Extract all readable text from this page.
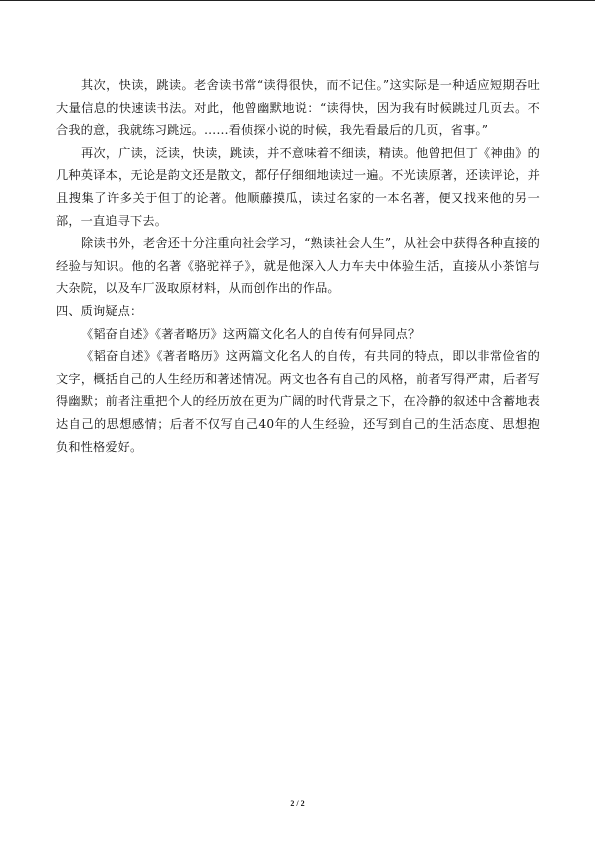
其次，快读，跳读。老舍读书常“读得很快，而不记住。”这实际是一种适应短期吞吐大量信息的快速读书法。对此，他曾幽默地说：“读得快，因为我有时候跳过几页去。不合我的意，我就练习跳远。……看侦探小说的时候，我先看最后的几页，省事。”

再次，广读，泛读，快读，跳读，并不意味着不细读，精读。他曾把但丁《神曲》的几种英译本，无论是韵文还是散文，都仔仔细细地读过一遍。不光读原著，还读评论，并且搜集了许多关于但丁的论著。他顺藤摸瓜，读过名家的一本名著，便又找来他的另一部，一直追寻下去。

除读书外，老舍还十分注重向社会学习，“熟读社会人生”，从社会中获得各种直接的经验与知识。他的名著《骆驼祥子》，就是他深入人力车夫中体验生活，直接从小茶馆与大杂院，以及车厂汲取原材料，从而创作出的作品。

四、质询疑点：

《韬奋自述》《著者略历》这两篇文化名人的自传有何异同点？

《韬奋自述》《著者略历》这两篇文化名人的自传，有共同的特点，即以非常俭省的文字，概括自己的人生经历和著述情况。两文也各有自己的风格，前者写得严肃，后者写得幽默；前者注重把个人的经历放在更为广阔的时代背景之下，在冷静的叙述中含蓄地表达自己的思想感情；后者不仅写自己40年的人生经验，还写到自己的生活态度、思想抱负和性格爱好。

2 / 2
